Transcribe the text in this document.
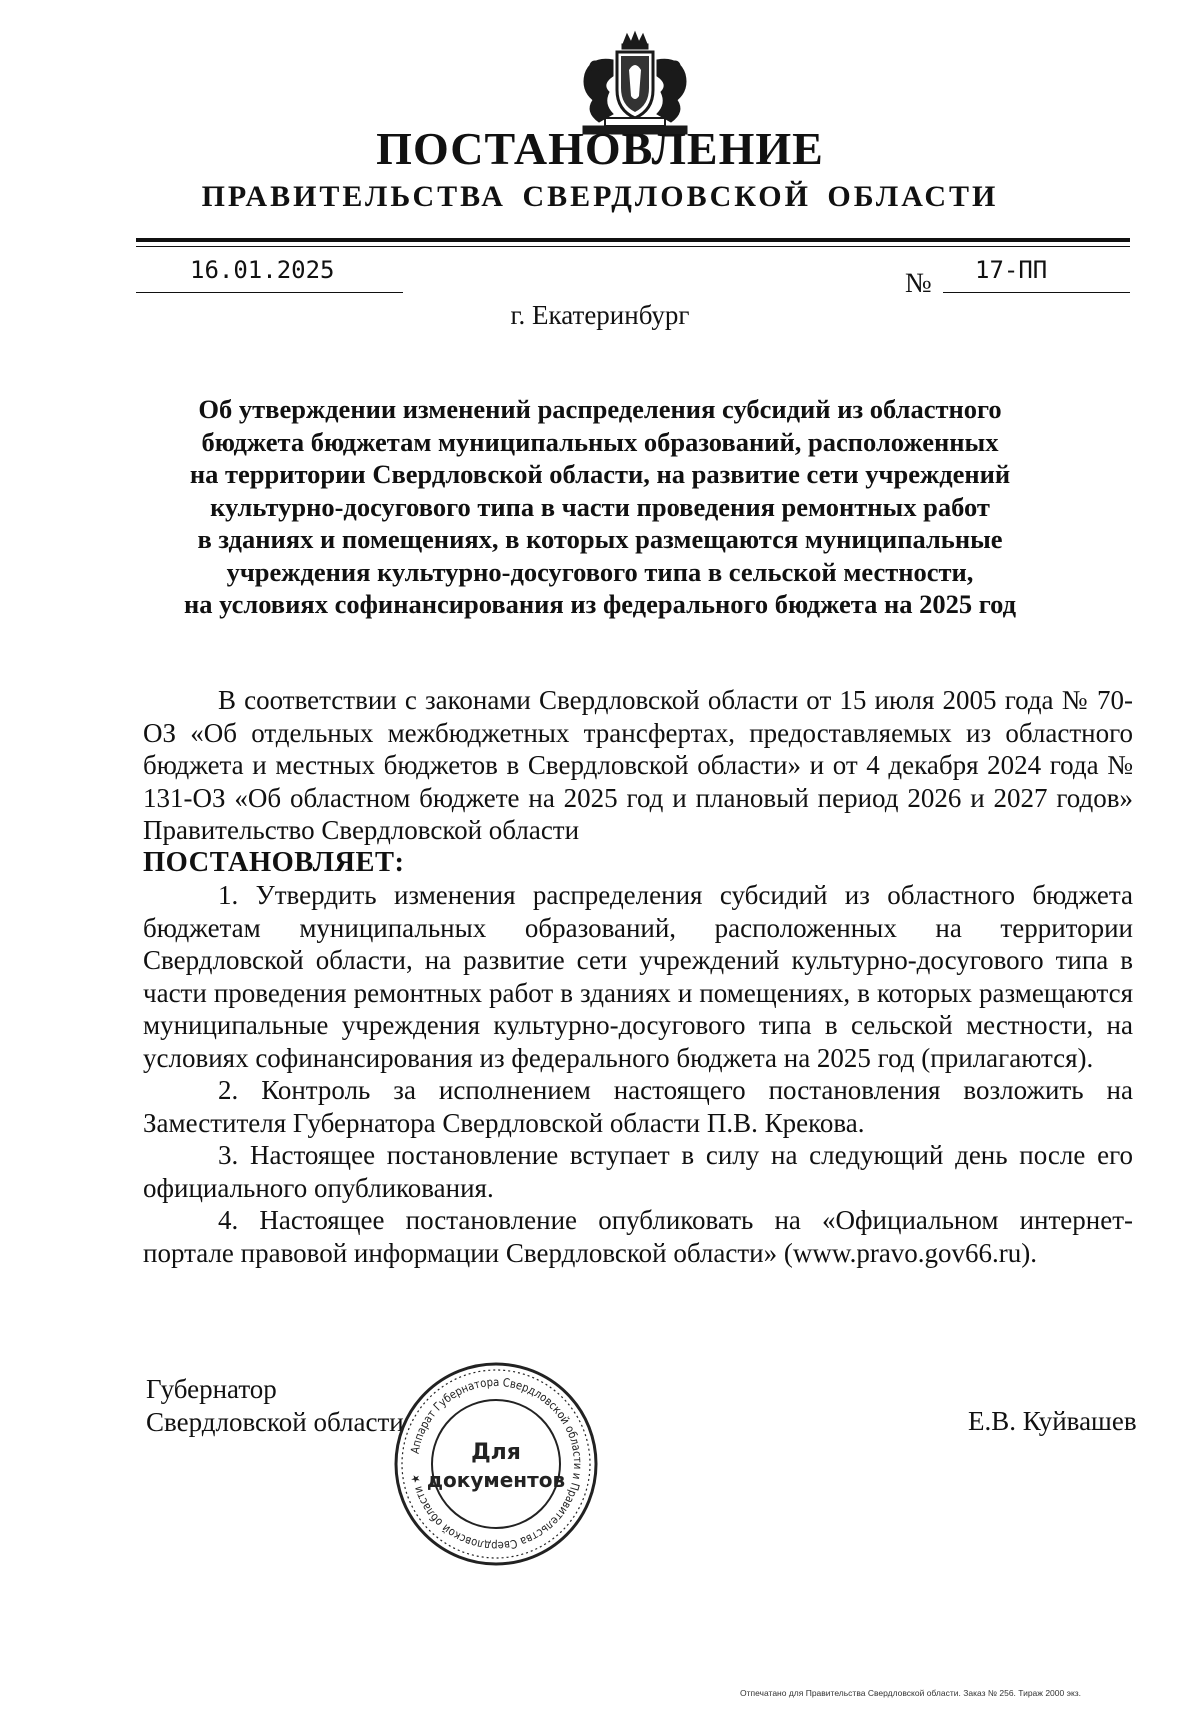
ПОСТАНОВЛЕНИЕ
ПРАВИТЕЛЬСТВА СВЕРДЛОВСКОЙ ОБЛАСТИ
16.01.2025	№ 17-ПП
г. Екатеринбург
Об утверждении изменений распределения субсидий из областного
бюджета бюджетам муниципальных образований, расположенных
на территории Свердловской области, на развитие сети учреждений
культурно-досугового типа в части проведения ремонтных работ
в зданиях и помещениях, в которых размещаются муниципальные
учреждения культурно-досугового типа в сельской местности,
на условиях софинансирования из федерального бюджета на 2025 год

В соответствии с законами Свердловской области от 15 июля 2005 года № 70-ОЗ «Об отдельных межбюджетных трансфертах, предоставляемых из областного бюджета и местных бюджетов в Свердловской области» и от 4 декабря 2024 года № 131-ОЗ «Об областном бюджете на 2025 год и плановый период 2026 и 2027 годов» Правительство Свердловской области

ПОСТАНОВЛЯЕТ:

1. Утвердить изменения распределения субсидий из областного бюджета бюджетам муниципальных образований, расположенных на территории Свердловской области, на развитие сети учреждений культурно-досугового типа в части проведения ремонтных работ в зданиях и помещениях, в которых размещаются муниципальные учреждения культурно-досугового типа в сельской местности, на условиях софинансирования из федерального бюджета на 2025 год (прилагаются).

2. Контроль за исполнением настоящего постановления возложить на Заместителя Губернатора Свердловской области П.В. Крекова.

3. Настоящее постановление вступает в силу на следующий день после его официального опубликования.

4. Настоящее постановление опубликовать на «Официальном интернет-портале правовой информации Свердловской области» (www.pravo.gov66.ru).

Губернатор
Свердловской области	Е.В. Куйвашев
Аппарат Губернатора Свердловской области и Правительства Свердловской области ★
Для
документов
Отпечатано для Правительства Свердловской области. Заказ № 256. Тираж 2000 экз.
